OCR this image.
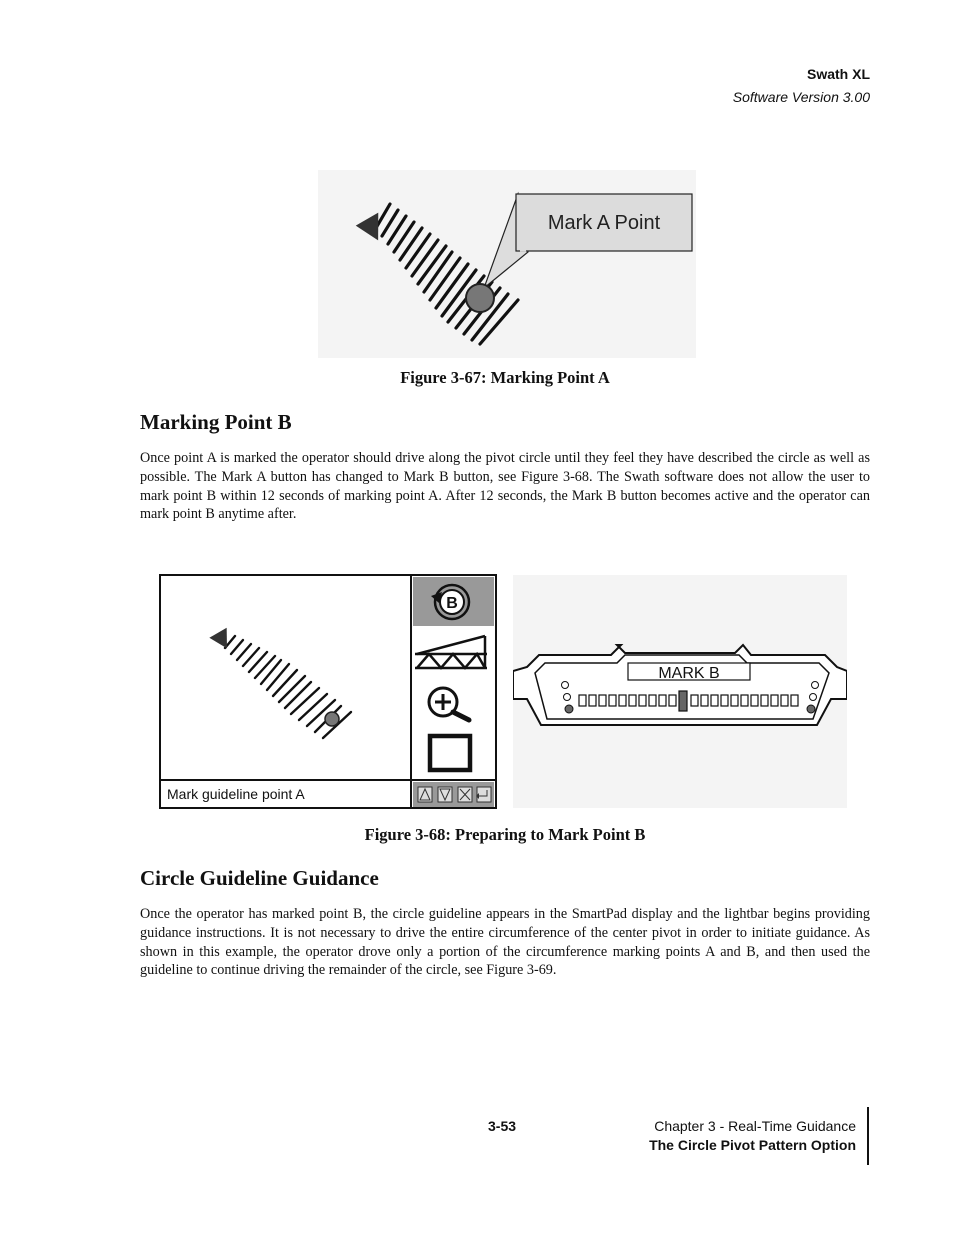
Swath XL
Software Version 3.00
Mark A Point
Figure 3-67: Marking Point A
Marking Point B
Once point A is marked the operator should drive along the pivot circle until they feel they have described the circle as well as possible. The Mark A button has changed to Mark B button, see Figure 3-68. The Swath software does not allow the user to mark point B within 12 seconds of marking point A. After 12 seconds, the Mark B button becomes active and the operator can mark point B anytime after.
B
Mark guideline point A
MARK B
Figure 3-68: Preparing to Mark Point B
Circle Guideline Guidance
Once the operator has marked point B, the circle guideline appears in the SmartPad display and the lightbar begins providing guidance instructions. It is not necessary to drive the entire circumference of the center pivot in order to initiate guidance. As shown in this example, the operator drove only a portion of the circumference marking points A and B, and then used the guideline to continue driving the remainder of the circle, see Figure 3-69.
3-53	Chapter 3 - Real-Time Guidance
The Circle Pivot Pattern Option
